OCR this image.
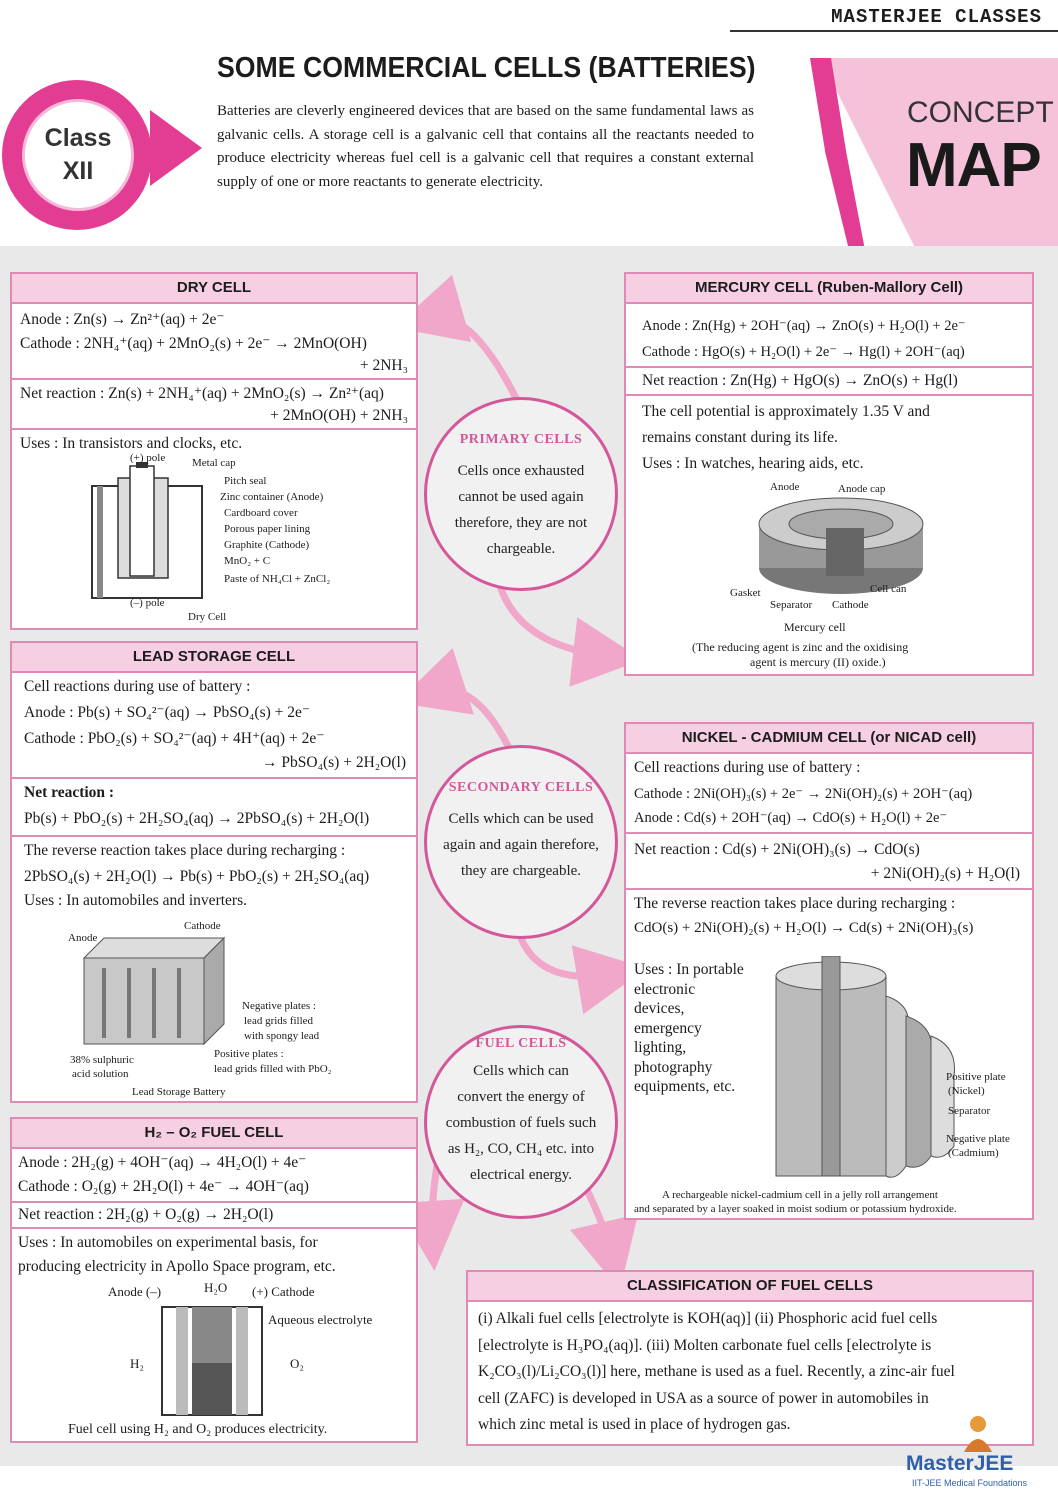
MASTERJEE CLASSES
Class
XII
SOME COMMERCIAL CELLS (BATTERIES)
Batteries are cleverly engineered devices that are based on the same fundamental laws as galvanic cells. A storage cell is a galvanic cell that contains all the reactants needed to produce electricity whereas fuel cell is a galvanic cell that requires a constant external supply of one or more reactants to generate electricity.
CONCEPT
MAP
DRY CELL
Anode : Zn(s) → Zn²⁺(aq) + 2e⁻
Cathode : 2NH₄⁺(aq) + 2MnO₂(s) + 2e⁻ → 2MnO(OH)
+ 2NH₃
Net reaction : Zn(s) + 2NH₄⁺(aq) + 2MnO₂(s) → Zn²⁺(aq)
+ 2MnO(OH) + 2NH₃
Uses : In transistors and clocks, etc.
(+) pole Metal cap
Pitch seal
Zinc container (Anode)
Cardboard cover
Porous paper lining
Graphite (Cathode)
MnO₂ + C
Paste of NH₄Cl + ZnCl₂
(–) pole
Dry Cell
MERCURY CELL (Ruben-Mallory Cell)
Anode : Zn(Hg) + 2OH⁻(aq) → ZnO(s) + H₂O(l) + 2e⁻
Cathode : HgO(s) + H₂O(l) + 2e⁻ → Hg(l) + 2OH⁻(aq)
Net reaction : Zn(Hg) + HgO(s) → ZnO(s) + Hg(l)
The cell potential is approximately 1.35 V and
remains constant during its life.
Uses : In watches, hearing aids, etc.
Anode	Anode cap
Cell can
Gasket
Separator Cathode
Mercury cell
(The reducing agent is zinc and the oxidising
agent is mercury (II) oxide.)
PRIMARY CELLS
Cells once exhausted
cannot be used again
therefore, they are not
chargeable.
LEAD STORAGE CELL
Cell reactions during use of battery :
Anode : Pb(s) + SO₄²⁻(aq) → PbSO₄(s) + 2e⁻
Cathode : PbO₂(s) + SO₄²⁻(aq) + 4H⁺(aq) + 2e⁻
→ PbSO₄(s) + 2H₂O(l)
Net reaction :
Pb(s) + PbO₂(s) + 2H₂SO₄(aq) → 2PbSO₄(s) + 2H₂O(l)
The reverse reaction takes place during recharging :
2PbSO₄(s) + 2H₂O(l) → Pb(s) + PbO₂(s) + 2H₂SO₄(aq)
Uses : In automobiles and inverters.
Cathode
Anode
Negative plates :
lead grids filled
with spongy lead
Positive plates :
lead grids filled with PbO₂
38% sulphuric
acid solution
Lead Storage Battery
SECONDARY CELLS
Cells which can be used
again and again therefore,
they are chargeable.
NICKEL - CADMIUM CELL (or NICAD cell)
Cell reactions during use of battery :
Cathode : 2Ni(OH)₃(s) + 2e⁻ → 2Ni(OH)₂(s) + 2OH⁻(aq)
Anode : Cd(s) + 2OH⁻(aq) → CdO(s) + H₂O(l) + 2e⁻
Net reaction : Cd(s) + 2Ni(OH)₃(s) → CdO(s)
+ 2Ni(OH)₂(s) + H₂O(l)
The reverse reaction takes place during recharging :
CdO(s) + 2Ni(OH)₂(s) + H₂O(l) → Cd(s) + 2Ni(OH)₃(s)
Uses : In portable
electronic
devices,
emergency
lighting,
photography
equipments, etc.
Positive plate
(Nickel)
Separator
Negative plate
(Cadmium)
A rechargeable nickel-cadmium cell in a jelly roll arrangement
and separated by a layer soaked in moist sodium or potassium hydroxide.
FUEL CELLS
Cells which can
convert the energy of
combustion of fuels such
as H₂, CO, CH₄ etc. into
electrical energy.
H₂ – O₂ FUEL CELL
Anode : 2H₂(g) + 4OH⁻(aq) → 4H₂O(l) + 4e⁻
Cathode : O₂(g) + 2H₂O(l) + 4e⁻ → 4OH⁻(aq)
Net reaction : 2H₂(g) + O₂(g) → 2H₂O(l)
Uses : In automobiles on experimental basis, for
producing electricity in Apollo Space program, etc.
Anode (–)	H₂O (+) Cathode
Aqueous electrolyte
H₂	O₂
Fuel cell using H₂ and O₂ produces electricity.
CLASSIFICATION OF FUEL CELLS
(i) Alkali fuel cells [electrolyte is KOH(aq)] (ii) Phosphoric acid fuel cells
[electrolyte is H₃PO₄(aq)]. (iii) Molten carbonate fuel cells [electrolyte is
K₂CO₃(l)/Li₂CO₃(l)] here, methane is used as a fuel. Recently, a zinc-air fuel
cell (ZAFC) is developed in USA as a source of power in automobiles in
which zinc metal is used in place of hydrogen gas.
MasterJEE
IIT-JEE Medical Foundations
